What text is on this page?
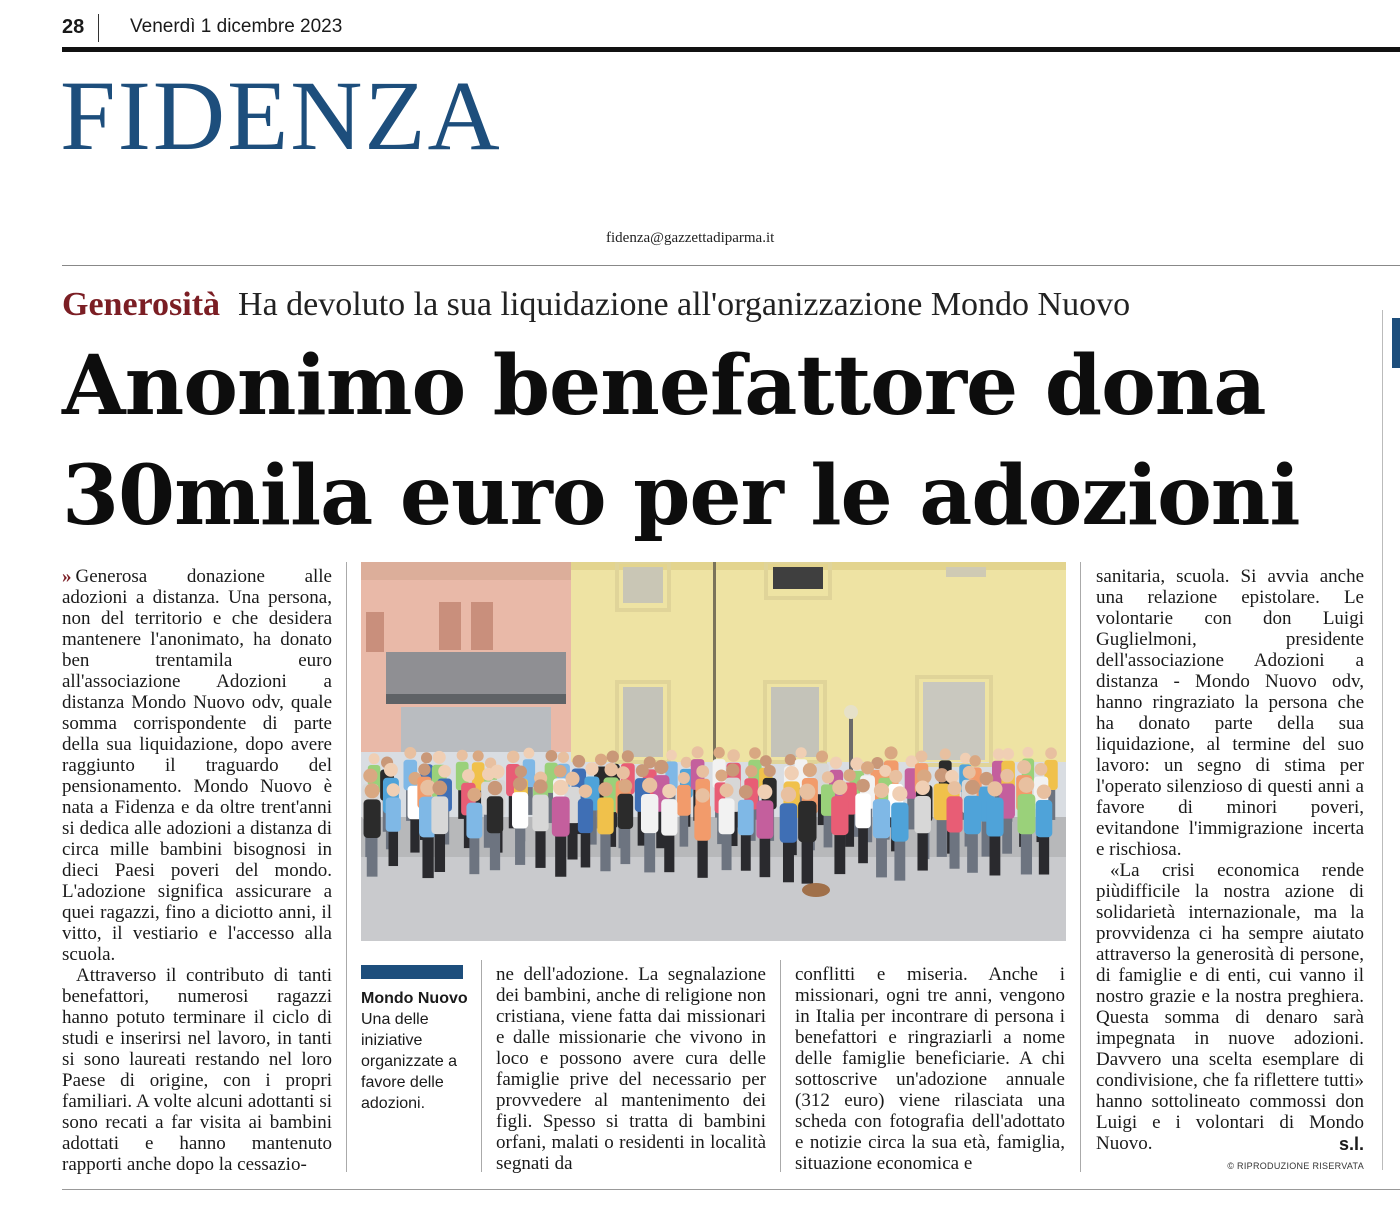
28 Venerdì 1 dicembre 2023
FIDENZA
fidenza@gazzettadiparma.it
Generosità Ha devoluto la sua liquidazione all'organizzazione Mondo Nuovo
Anonimo benefattore dona
30mila euro per le adozioni

» Generosa donazione alle adozioni a distanza. Una persona, non del territorio e che desidera mantenere l'anonimato, ha donato ben trentamila euro all'associazione Adozioni a distanza Mondo Nuovo odv, quale somma corrispondente di parte della sua liquidazione, dopo avere raggiunto il traguardo del pensionamento. Mondo Nuovo è nata a Fidenza e da oltre trent'anni si dedica alle adozioni a distanza di circa mille bambini bisognosi in dieci Paesi poveri del mondo. L'adozione significa assicurare a quei ragazzi, fino a diciotto anni, il vitto, il vestiario e l'accesso alla scuola.

Attraverso il contributo di tanti benefattori, numerosi ragazzi hanno potuto terminare il ciclo di studi e inserirsi nel lavoro, in tanti si sono laureati restando nel loro Paese di origine, con i propri familiari. A volte alcuni adottanti si sono recati a far visita ai bambini adottati e hanno mantenuto rapporti anche dopo la cessazio-

Mondo Nuovo Una delle iniziative organizzate a favore delle adozioni.

ne dell'adozione. La segnalazione dei bambini, anche di religione non cristiana, viene fatta dai missionari e dalle missionarie che vivono in loco e possono avere cura delle famiglie prive del necessario per provvedere al mantenimento dei figli. Spesso si tratta di bambini orfani, malati o residenti in località segnati da

conflitti e miseria. Anche i missionari, ogni tre anni, vengono in Italia per incontrare di persona i benefattori e ringraziarli a nome delle famiglie beneficiarie. A chi sottoscrive un'adozione annuale (312 euro) viene rilasciata una scheda con fotografia dell'adottato e notizie circa la sua età, famiglia, situazione economica e

sanitaria, scuola. Si avvia anche una relazione epistolare. Le volontarie con don Luigi Guglielmoni, presidente dell'associazione Adozioni a distanza - Mondo Nuovo odv, hanno ringraziato la persona che ha donato parte della sua liquidazione, al termine del suo lavoro: un segno di stima per l'operato silenzioso di questi anni a favore di minori poveri, evitandone l'immigrazione incerta e rischiosa.

«La crisi economica rende piùdifficile la nostra azione di solidarietà internazionale, ma la provvidenza ci ha sempre aiutato attraverso la generosità di persone, di famiglie e di enti, cui vanno il nostro grazie e la nostra preghiera. Questa somma di denaro sarà impegnata in nuove adozioni. Davvero una scelta esemplare di condivisione, che fa riflettere tutti» hanno sottolineato commossi don Luigi e i volontari di Mondo Nuovo.	s.l.
© RIPRODUZIONE RISERVATA
